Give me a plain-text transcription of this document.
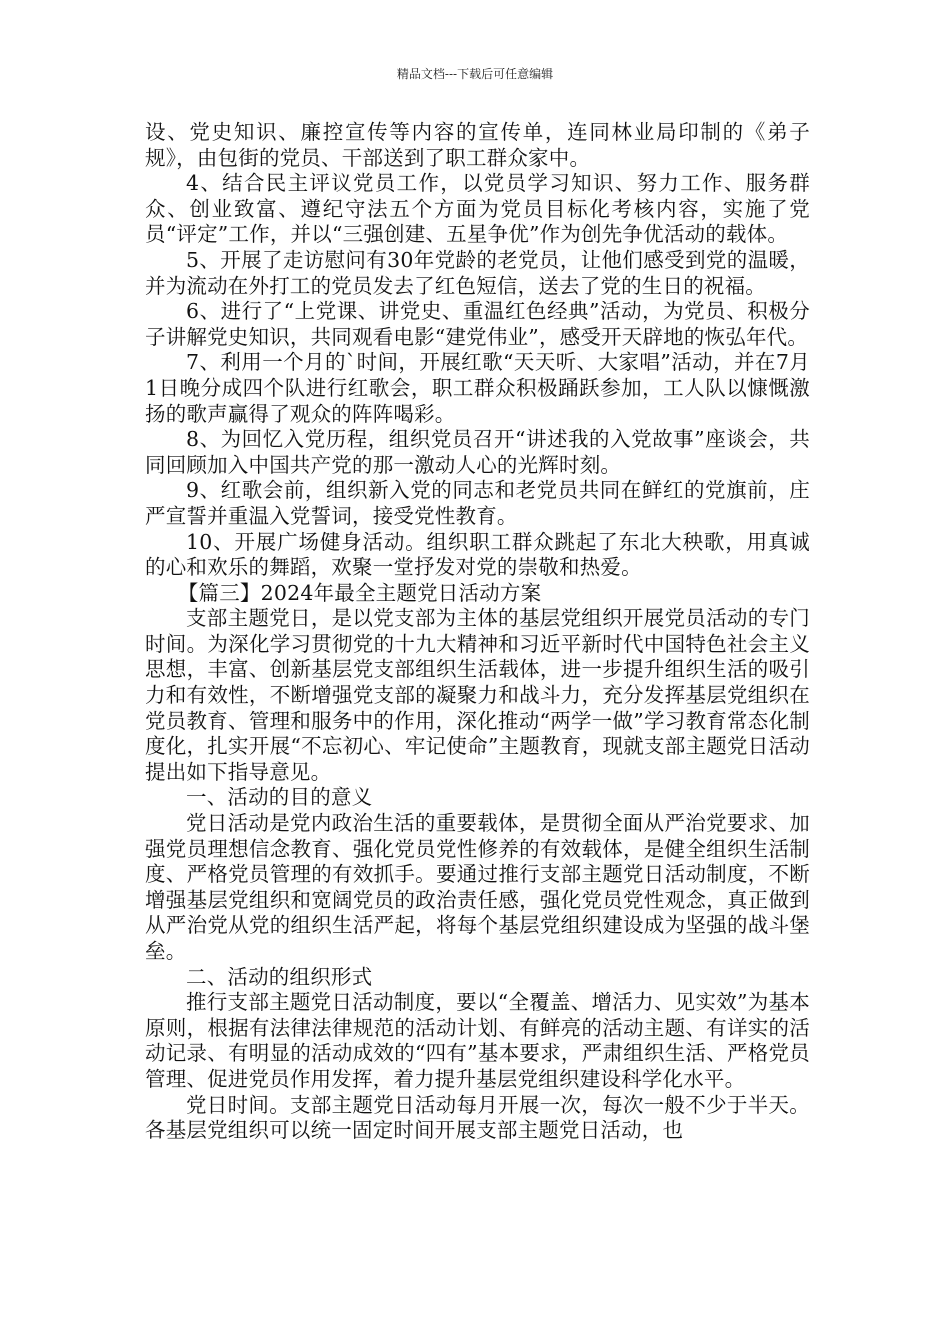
精品文档---下载后可任意编辑

设、党史知识、廉控宣传等内容的宣传单，连同林业局印制的《弟子规》，由包街的党员、干部送到了职工群众家中。

4、结合民主评议党员工作，以党员学习知识、努力工作、服务群众、创业致富、遵纪守法五个方面为党员目标化考核内容，实施了党员“评定”工作，并以“三强创建、五星争优”作为创先争优活动的载体。

5、开展了走访慰问有30年党龄的老党员，让他们感受到党的温暖，并为流动在外打工的党员发去了红色短信，送去了党的生日的祝福。

6、进行了“上党课、讲党史、重温红色经典”活动，为党员、积极分子讲解党史知识，共同观看电影“建党伟业”，感受开天辟地的恢弘年代。

7、利用一个月的`时间，开展红歌“天天听、大家唱”活动，并在7月1日晚分成四个队进行红歌会，职工群众积极踊跃参加，工人队以慷慨激扬的歌声赢得了观众的阵阵喝彩。

8、为回忆入党历程，组织党员召开“讲述我的入党故事”座谈会，共同回顾加入中国共产党的那一激动人心的光辉时刻。

9、红歌会前，组织新入党的同志和老党员共同在鲜红的党旗前，庄严宣誓并重温入党誓词，接受党性教育。

10、开展广场健身活动。组织职工群众跳起了东北大秧歌，用真诚的心和欢乐的舞蹈，欢聚一堂抒发对党的崇敬和热爱。

【篇三】2024年最全主题党日活动方案

支部主题党日，是以党支部为主体的基层党组织开展党员活动的专门时间。为深化学习贯彻党的十九大精神和习近平新时代中国特色社会主义思想，丰富、创新基层党支部组织生活载体，进一步提升组织生活的吸引力和有效性，不断增强党支部的凝聚力和战斗力，充分发挥基层党组织在党员教育、管理和服务中的作用，深化推动“两学一做”学习教育常态化制度化，扎实开展“不忘初心、牢记使命”主题教育，现就支部主题党日活动提出如下指导意见。

一、活动的目的意义

党日活动是党内政治生活的重要载体，是贯彻全面从严治党要求、加强党员理想信念教育、强化党员党性修养的有效载体，是健全组织生活制度、严格党员管理的有效抓手。要通过推行支部主题党日活动制度，不断增强基层党组织和宽阔党员的政治责任感，强化党员党性观念，真正做到从严治党从党的组织生活严起，将每个基层党组织建设成为坚强的战斗堡垒。

二、活动的组织形式

推行支部主题党日活动制度，要以“全覆盖、增活力、见实效”为基本原则，根据有法律法律规范的活动计划、有鲜亮的活动主题、有详实的活动记录、有明显的活动成效的“四有”基本要求，严肃组织生活、严格党员管理、促进党员作用发挥，着力提升基层党组织建设科学化水平。

党日时间。支部主题党日活动每月开展一次，每次一般不少于半天。各基层党组织可以统一固定时间开展支部主题党日活动，也
